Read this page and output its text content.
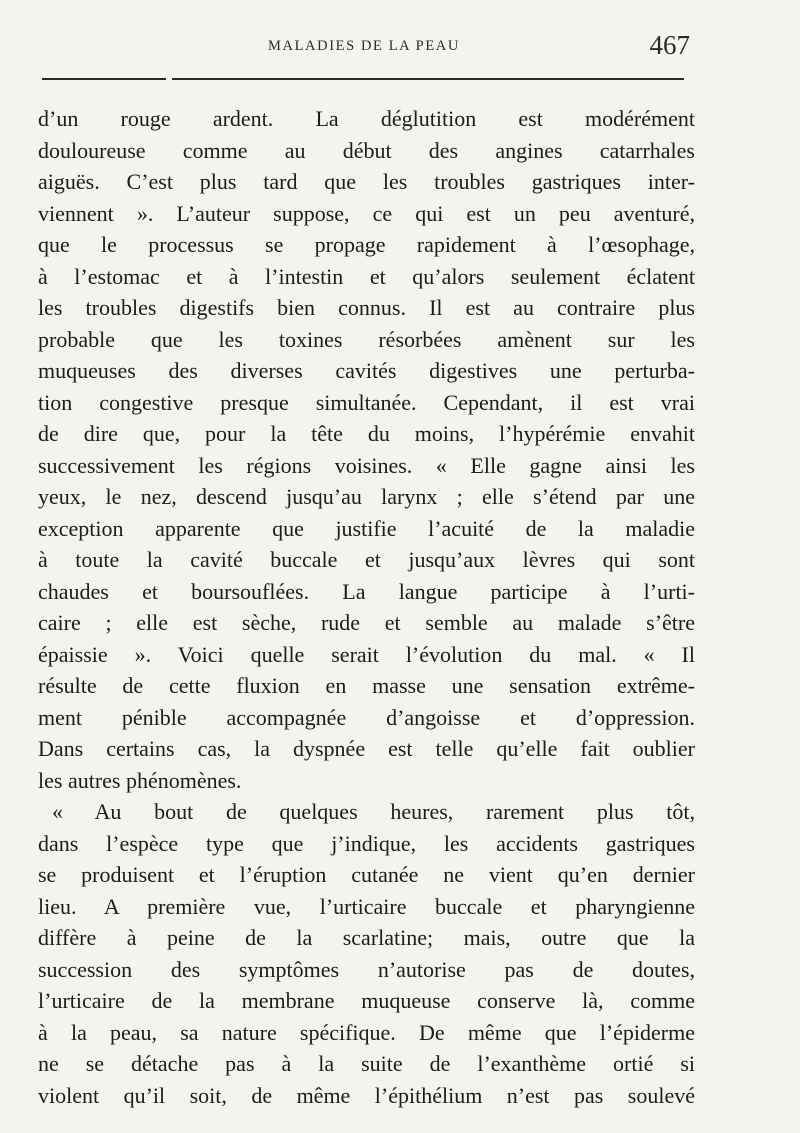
MALADIES DE LA PEAU	467
d’un rouge ardent. La déglutition est modérément
douloureuse comme au début des angines catarrhales
aiguës. C’est plus tard que les troubles gastriques inter-
viennent ». L’auteur suppose, ce qui est un peu aventuré,
que le processus se propage rapidement à l’œsophage,
à l’estomac et à l’intestin et qu’alors seulement éclatent
les troubles digestifs bien connus. Il est au contraire plus
probable que les toxines résorbées amènent sur les
muqueuses des diverses cavités digestives une perturba-
tion congestive presque simultanée. Cependant, il est vrai
de dire que, pour la tête du moins, l’hypérémie envahit
successivement les régions voisines. « Elle gagne ainsi les
yeux, le nez, descend jusqu’au larynx ; elle s’étend par une
exception apparente que justifie l’acuité de la maladie
à toute la cavité buccale et jusqu’aux lèvres qui sont
chaudes et boursouflées. La langue participe à l’urti-
caire ; elle est sèche, rude et semble au malade s’être
épaissie ». Voici quelle serait l’évolution du mal. « Il
résulte de cette fluxion en masse une sensation extrême-
ment pénible accompagnée d’angoisse et d’oppression.
Dans certains cas, la dyspnée est telle qu’elle fait oublier
les autres phénomènes.
« Au bout de quelques heures, rarement plus tôt,
dans l’espèce type que j’indique, les accidents gastriques
se produisent et l’éruption cutanée ne vient qu’en dernier
lieu. A première vue, l’urticaire buccale et pharyngienne
diffère à peine de la scarlatine; mais, outre que la
succession des symptômes n’autorise pas de doutes,
l’urticaire de la membrane muqueuse conserve là, comme
à la peau, sa nature spécifique. De même que l’épiderme
ne se détache pas à la suite de l’exanthème ortié si
violent qu’il soit, de même l’épithélium n’est pas soulevé
